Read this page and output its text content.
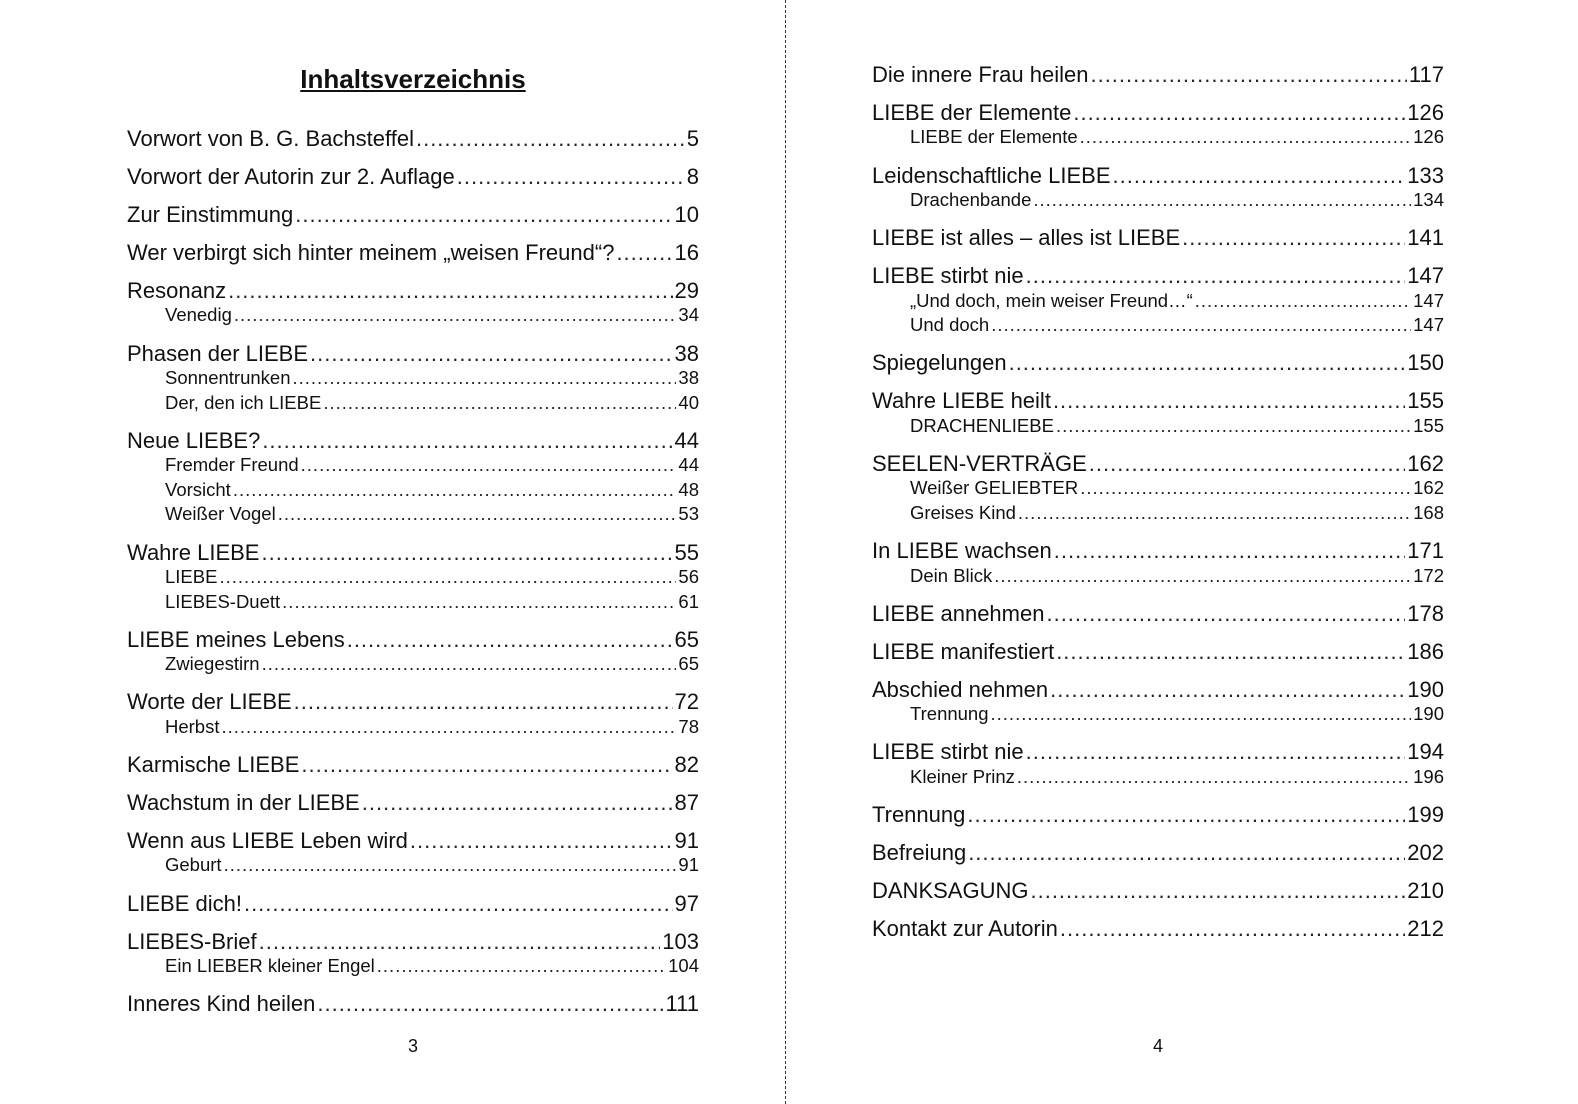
Inhaltsverzeichnis
Vorwort von B. G. Bachsteffel .....	5
Vorwort der Autorin zur 2. Auflage .....	8
Zur Einstimmung .....	10
Wer verbirgt sich hinter meinem „weisen Freund“? .....	16
Resonanz .....	29
Venedig .....	34
Phasen der LIEBE .....	38
Sonnentrunken .....	38
Der, den ich LIEBE .....	40
Neue LIEBE? .....	44
Fremder Freund .....	44
Vorsicht .....	48
Weißer Vogel .....	53
Wahre LIEBE .....	55
LIEBE .....	56
LIEBES-Duett .....	61
LIEBE meines Lebens .....	65
Zwiegestirn .....	65
Worte der LIEBE .....	72
Herbst .....	78
Karmische LIEBE .....	82
Wachstum in der LIEBE .....	87
Wenn aus LIEBE Leben wird .....	91
Geburt .....	91
LIEBE dich! .....	97
LIEBES-Brief .....	103
Ein LIEBER kleiner Engel .....	104
Inneres Kind heilen .....	111
3
Die innere Frau heilen .....	117
LIEBE der Elemente .....	126
LIEBE der Elemente .....	126
Leidenschaftliche LIEBE .....	133
Drachenbande .....	134
LIEBE ist alles – alles ist LIEBE .....	141
LIEBE stirbt nie .....	147
„Und doch, mein weiser Freund…“ .....	147
Und doch .....	147
Spiegelungen .....	150
Wahre LIEBE heilt .....	155
DRACHENLIEBE .....	155
SEELEN-VERTRÄGE .....	162
Weißer GELIEBTER .....	162
Greises Kind .....	168
In LIEBE wachsen .....	171
Dein Blick .....	172
LIEBE annehmen .....	178
LIEBE manifestiert .....	186
Abschied nehmen .....	190
Trennung .....	190
LIEBE stirbt nie .....	194
Kleiner Prinz .....	196
Trennung .....	199
Befreiung .....	202
DANKSAGUNG .....	210
Kontakt zur Autorin .....	212
4
